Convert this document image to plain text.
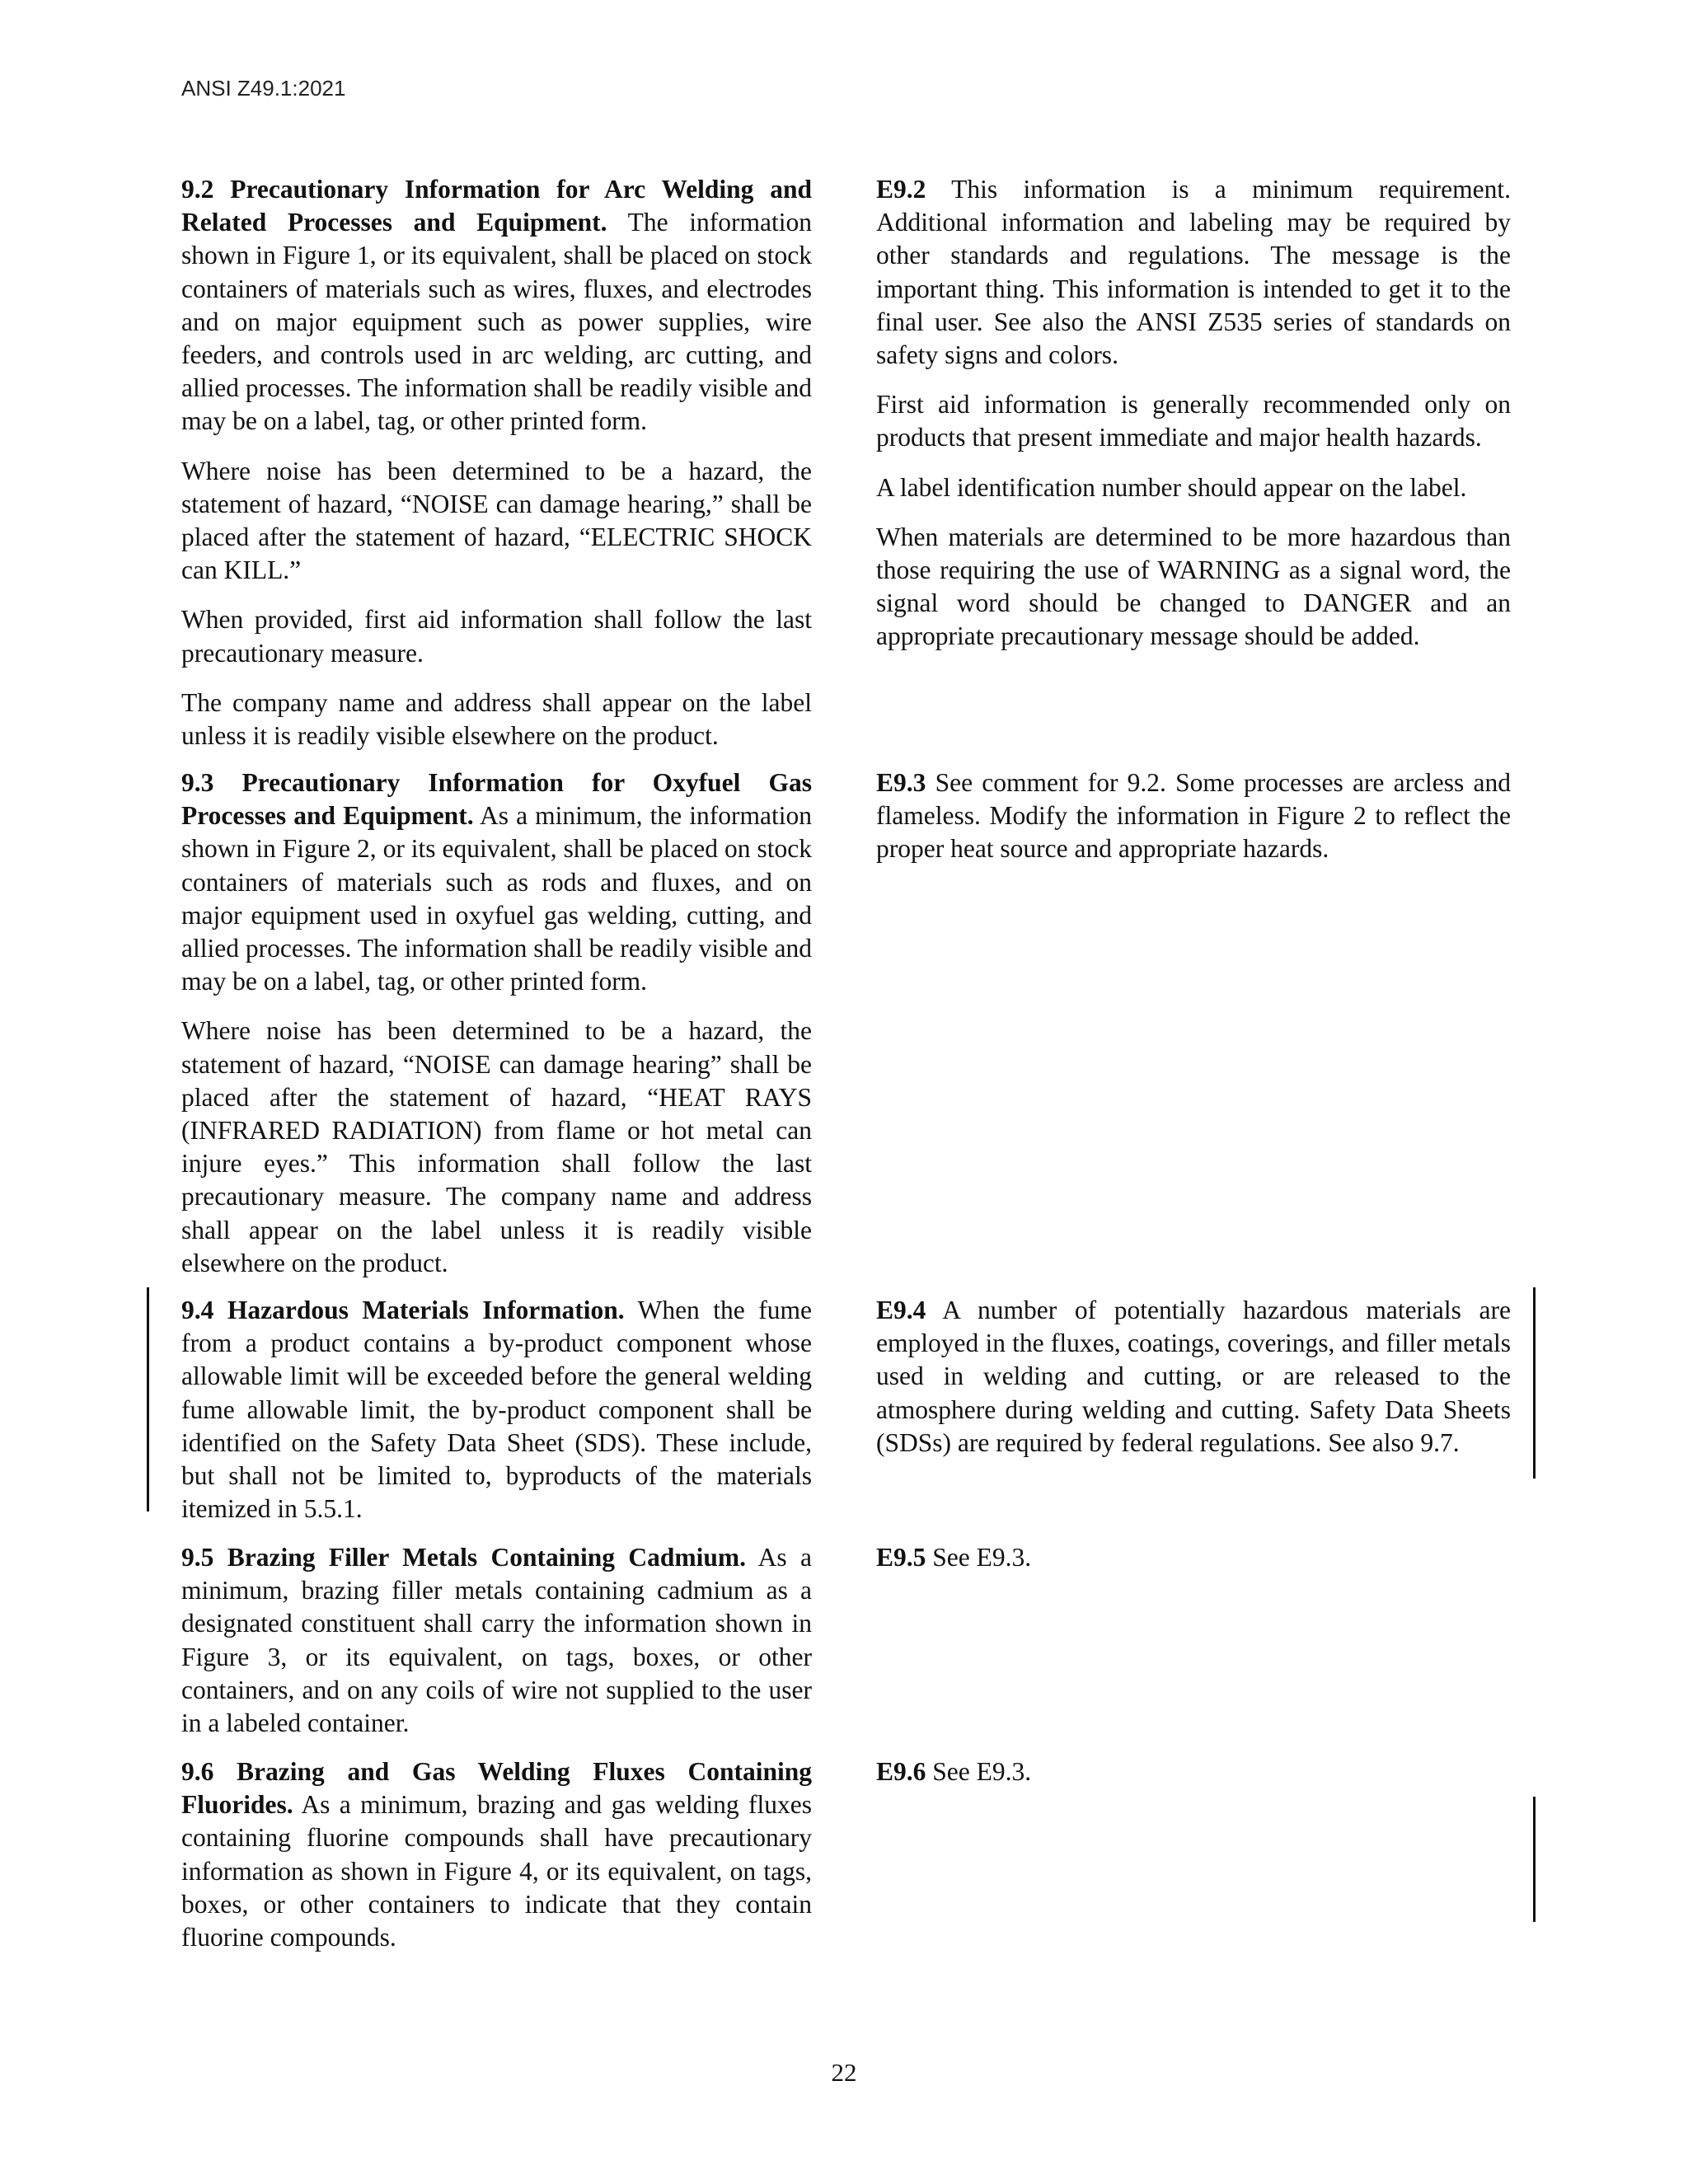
ANSI Z49.1:2021

9.2 Precautionary Information for Arc Welding and Related Processes and Equipment. The information shown in Figure 1, or its equivalent, shall be placed on stock containers of materials such as wires, fluxes, and electrodes and on major equipment such as power supplies, wire feeders, and controls used in arc welding, arc cutting, and allied processes. The information shall be readily visible and may be on a label, tag, or other printed form.

Where noise has been determined to be a hazard, the statement of hazard, “NOISE can damage hearing,” shall be placed after the statement of hazard, “ELECTRIC SHOCK can KILL.”

When provided, first aid information shall follow the last precautionary measure.

The company name and address shall appear on the label unless it is readily visible elsewhere on the product.

9.3 Precautionary Information for Oxyfuel Gas Processes and Equipment. As a minimum, the information shown in Figure 2, or its equivalent, shall be placed on stock containers of materials such as rods and fluxes, and on major equipment used in oxyfuel gas welding, cutting, and allied processes. The information shall be readily visible and may be on a label, tag, or other printed form.

Where noise has been determined to be a hazard, the statement of hazard, “NOISE can damage hearing” shall be placed after the statement of hazard, “HEAT RAYS (INFRARED RADIATION) from flame or hot metal can injure eyes.” This information shall follow the last precautionary measure. The company name and address shall appear on the label unless it is readily visible elsewhere on the product.

9.4 Hazardous Materials Information. When the fume from a product contains a by-product component whose allowable limit will be exceeded before the general welding fume allowable limit, the by-product component shall be identified on the Safety Data Sheet (SDS). These include, but shall not be limited to, byproducts of the materials itemized in 5.5.1.

9.5 Brazing Filler Metals Containing Cadmium. As a minimum, brazing filler metals containing cadmium as a designated constituent shall carry the information shown in Figure 3, or its equivalent, on tags, boxes, or other containers, and on any coils of wire not supplied to the user in a labeled container.

9.6 Brazing and Gas Welding Fluxes Containing Fluorides. As a minimum, brazing and gas welding fluxes containing fluorine compounds shall have precautionary information as shown in Figure 4, or its equivalent, on tags, boxes, or other containers to indicate that they contain fluorine compounds.

E9.2 This information is a minimum requirement. Additional information and labeling may be required by other standards and regulations. The message is the important thing. This information is intended to get it to the final user. See also the ANSI Z535 series of standards on safety signs and colors.

First aid information is generally recommended only on products that present immediate and major health hazards.

A label identification number should appear on the label.

When materials are determined to be more hazardous than those requiring the use of WARNING as a signal word, the signal word should be changed to DANGER and an appropriate precautionary message should be added.

E9.3 See comment for 9.2. Some processes are arcless and flameless. Modify the information in Figure 2 to reflect the proper heat source and appropriate hazards.

E9.4 A number of potentially hazardous materials are employed in the fluxes, coatings, coverings, and filler metals used in welding and cutting, or are released to the atmosphere during welding and cutting. Safety Data Sheets (SDSs) are required by federal regulations. See also 9.7.

E9.5 See E9.3.

E9.6 See E9.3.

22
